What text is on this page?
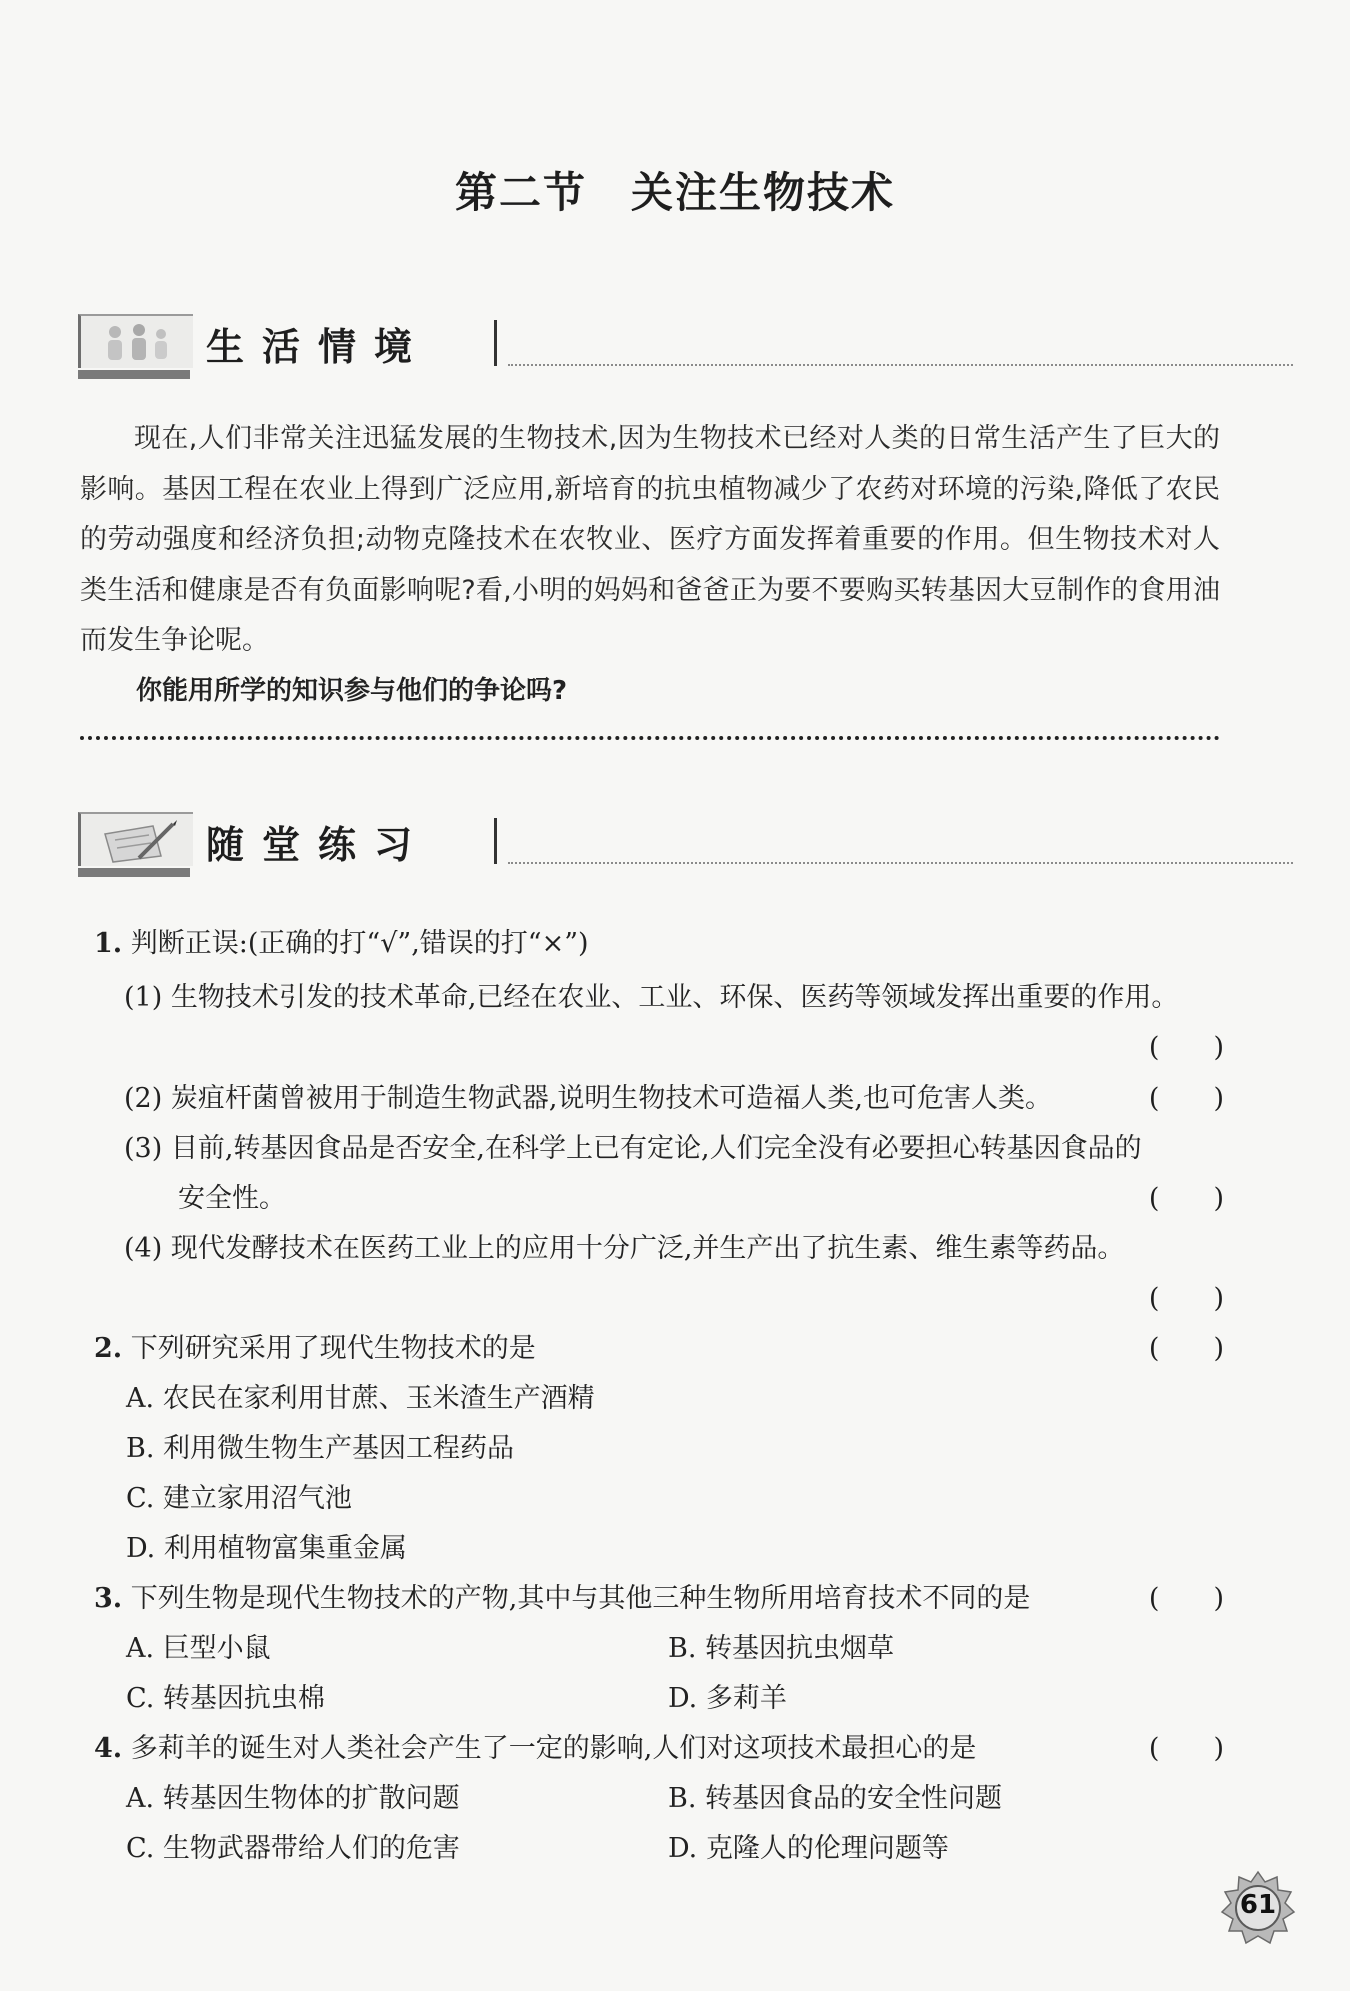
第二节　关注生物技术
生活情境
现在,人们非常关注迅猛发展的生物技术,因为生物技术已经对人类的日常生活产生了巨大的影响。基因工程在农业上得到广泛应用,新培育的抗虫植物减少了农药对环境的污染,降低了农民的劳动强度和经济负担;动物克隆技术在农牧业、医疗方面发挥着重要的作用。但生物技术对人类生活和健康是否有负面影响呢?看,小明的妈妈和爸爸正为要不要购买转基因大豆制作的食用油而发生争论呢。
你能用所学的知识参与他们的争论吗?
随堂练习
1. 判断正误:(正确的打“√”,错误的打“×”)
(1) 生物技术引发的技术革命,已经在农业、工业、环保、医药等领域发挥出重要的作用。
(　　)
(2) 炭疽杆菌曾被用于制造生物武器,说明生物技术可造福人类,也可危害人类。	(　　)
(3) 目前,转基因食品是否安全,在科学上已有定论,人们完全没有必要担心转基因食品的
安全性。	(　　)
(4) 现代发酵技术在医药工业上的应用十分广泛,并生产出了抗生素、维生素等药品。
(　　)
2. 下列研究采用了现代生物技术的是	(　　)
A. 农民在家利用甘蔗、玉米渣生产酒精
B. 利用微生物生产基因工程药品
C. 建立家用沼气池
D. 利用植物富集重金属
3. 下列生物是现代生物技术的产物,其中与其他三种生物所用培育技术不同的是	(　　)
A. 巨型小鼠	B. 转基因抗虫烟草
C. 转基因抗虫棉	D. 多莉羊
4. 多莉羊的诞生对人类社会产生了一定的影响,人们对这项技术最担心的是	(　　)
A. 转基因生物体的扩散问题	B. 转基因食品的安全性问题
C. 生物武器带给人们的危害	D. 克隆人的伦理问题等
61
